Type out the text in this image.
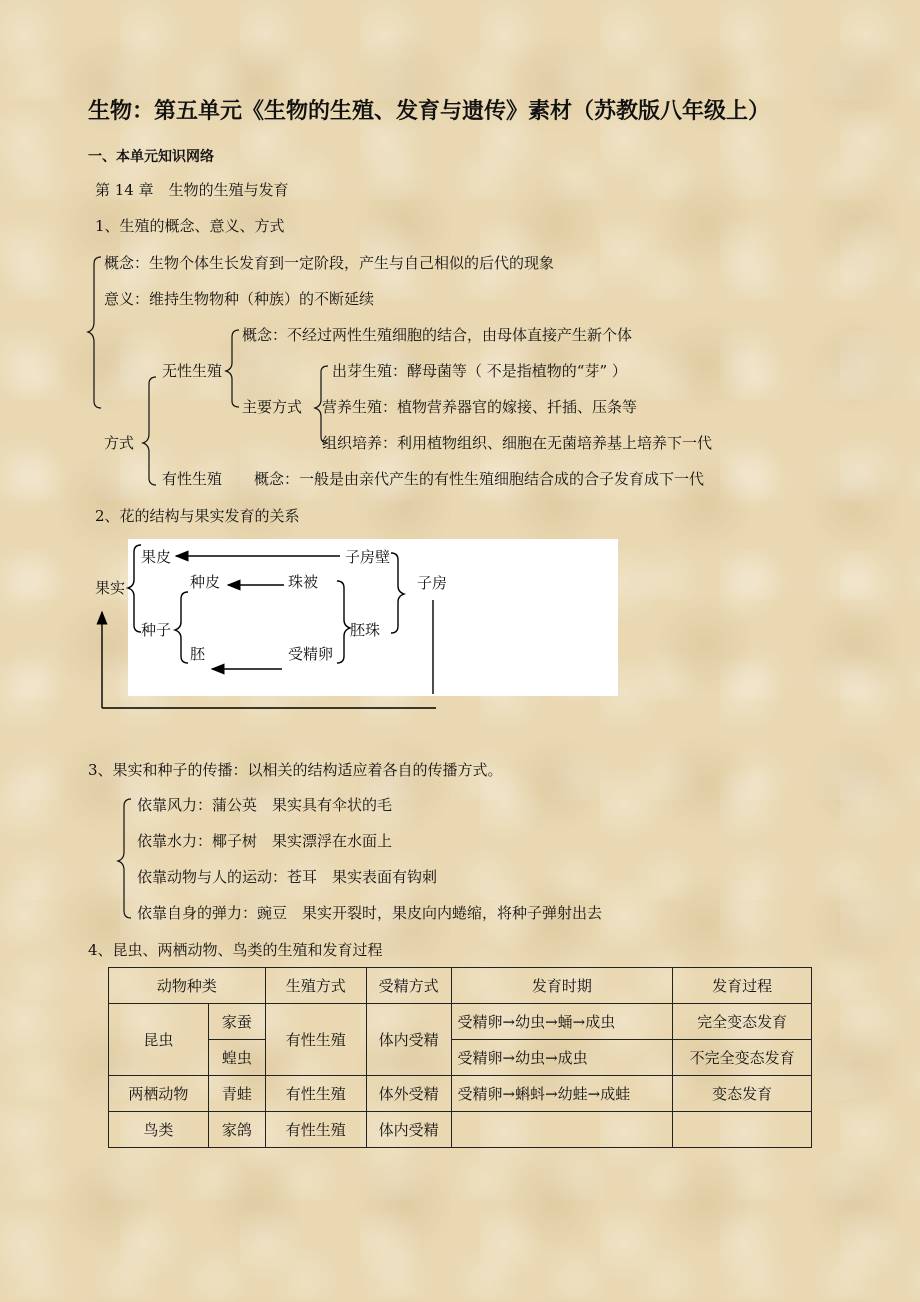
生物：第五单元《生物的生殖、发育与遗传》素材（苏教版八年级上）
一、本单元知识网络
第 14 章　生物的生殖与发育
1、生殖的概念、意义、方式
概念：生物个体生长发育到一定阶段，产生与自己相似的后代的现象
意义：维持生物物种（种族）的不断延续
概念：不经过两性生殖细胞的结合，由母体直接产生新个体
无性生殖	出芽生殖：酵母菌等（ 不是指植物的“芽” ）
主要方式 营养生殖：植物营养器官的嫁接、扦插、压条等
方式	组织培养：利用植物组织、细胞在无菌培养基上培养下一代
有性生殖 概念：一般是由亲代产生的有性生殖细胞结合成的合子发育成下一代
2、花的结构与果实发育的关系
果实
果皮	子房壁
子房
种皮	珠被
种子	胚珠
胚	受精卵
3、果实和种子的传播：以相关的结构适应着各自的传播方式。
依靠风力：蒲公英　果实具有伞状的毛
依靠水力：椰子树　果实漂浮在水面上
依靠动物与人的运动：苍耳　果实表面有钩刺
依靠自身的弹力：豌豆　果实开裂时，果皮向内蜷缩，将种子弹射出去
4、昆虫、两栖动物、鸟类的生殖和发育过程
动物种类		生殖方式	受精方式	发育时期	发育过程
昆虫	家蚕	有性生殖	体内受精	受精卵→幼虫→蛹→成虫	完全变态发育
	蝗虫			受精卵→幼虫→成虫	不完全变态发育
两栖动物	青蛙	有性生殖	体外受精	受精卵→蝌蚪→幼蛙→成蛙	变态发育
鸟类	家鸽	有性生殖	体内受精		
